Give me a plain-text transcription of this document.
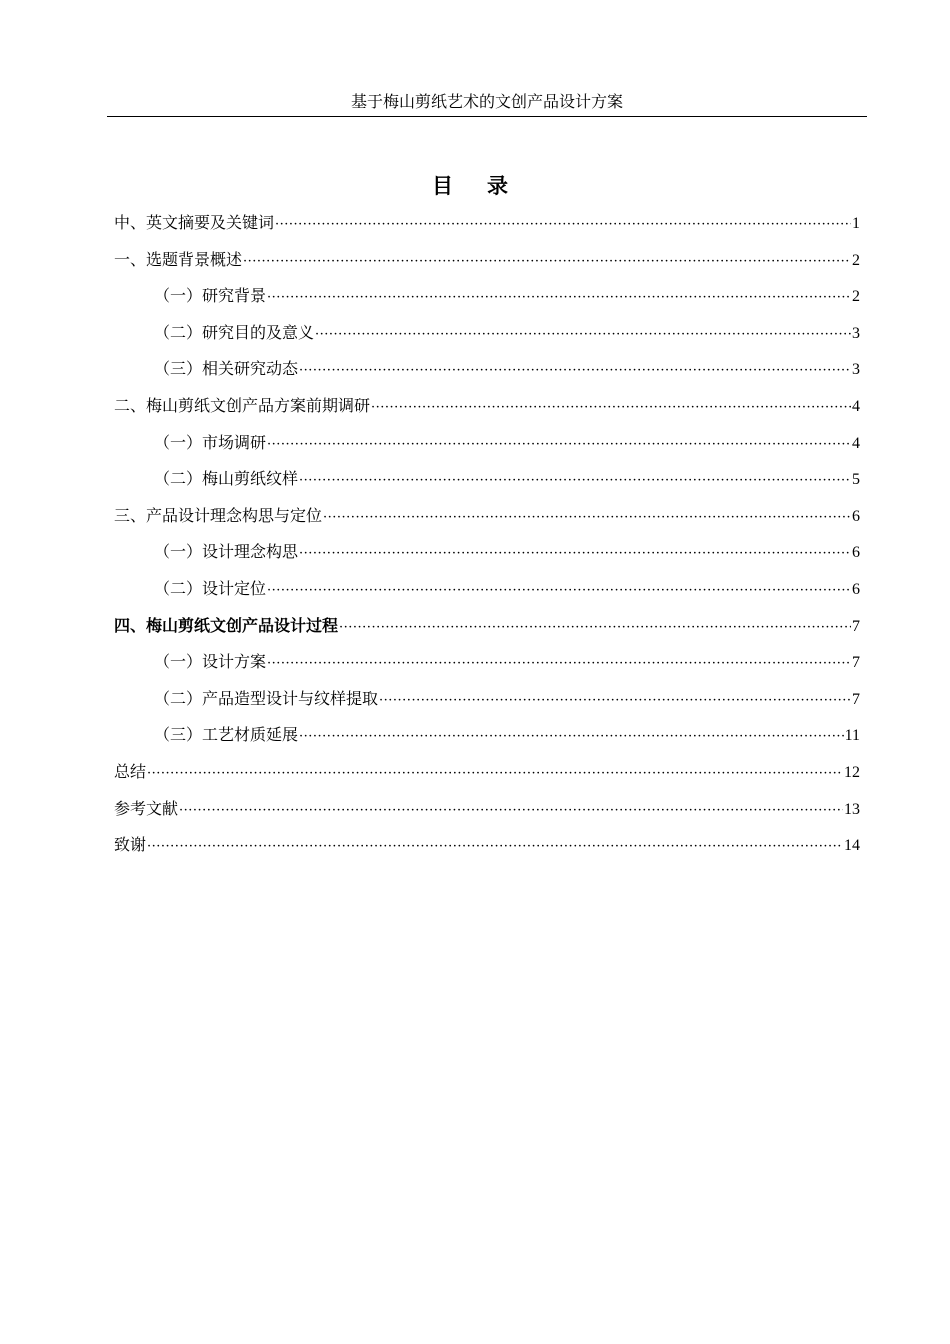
基于梅山剪纸艺术的文创产品设计方案
目录
中、英文摘要及关键词 ·····	1
一、选题背景概述 ·····	2
（一）研究背景 ·····	2
（二）研究目的及意义 ·····	3
（三）相关研究动态 ·····	3
二、梅山剪纸文创产品方案前期调研 ·····	4
（一）市场调研 ·····	4
（二）梅山剪纸纹样 ·····	5
三、产品设计理念构思与定位 ·····	6
（一）设计理念构思 ·····	6
（二）设计定位 ·····	6
四、梅山剪纸文创产品设计过程 ·····	7
（一）设计方案 ·····	7
（二）产品造型设计与纹样提取 ·····	7
（三）工艺材质延展 ·····	11
总结 ·····	12
参考文献 ·····	13
致谢 ·····	14
